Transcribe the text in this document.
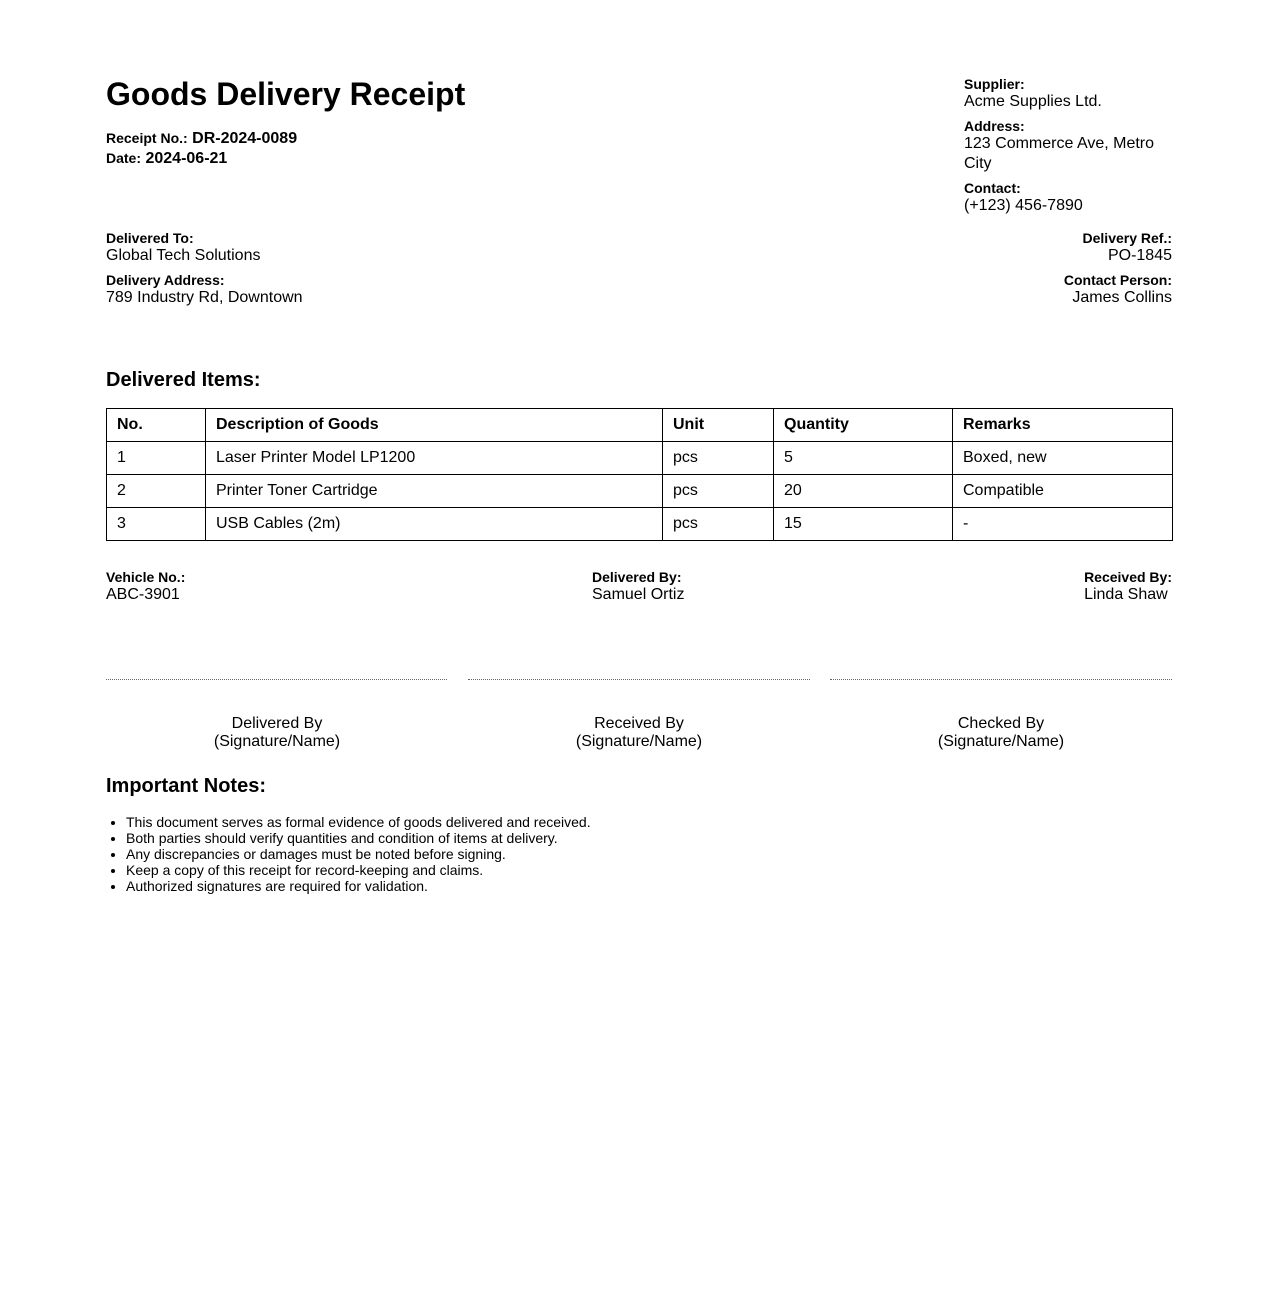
Goods Delivery Receipt
Receipt No.: DR-2024-0089
Date: 2024-06-21
Supplier:
Acme Supplies Ltd.
Address:
123 Commerce Ave, Metro City
Contact:
(+123) 456-7890
Delivered To:
Global Tech Solutions
Delivery Address:
789 Industry Rd, Downtown
Delivery Ref.:
PO-1845
Contact Person:
James Collins
Delivered Items:
No.	Description of Goods	Unit	Quantity	Remarks
1	Laser Printer Model LP1200	pcs	5	Boxed, new
2	Printer Toner Cartridge	pcs	20	Compatible
3	USB Cables (2m)	pcs	15	-
Vehicle No.:
ABC-3901
Delivered By:
Samuel Ortiz
Received By:
Linda Shaw
Delivered By
(Signature/Name)
Received By
(Signature/Name)
Checked By
(Signature/Name)
Important Notes:
• This document serves as formal evidence of goods delivered and received.
• Both parties should verify quantities and condition of items at delivery.
• Any discrepancies or damages must be noted before signing.
• Keep a copy of this receipt for record-keeping and claims.
• Authorized signatures are required for validation.
